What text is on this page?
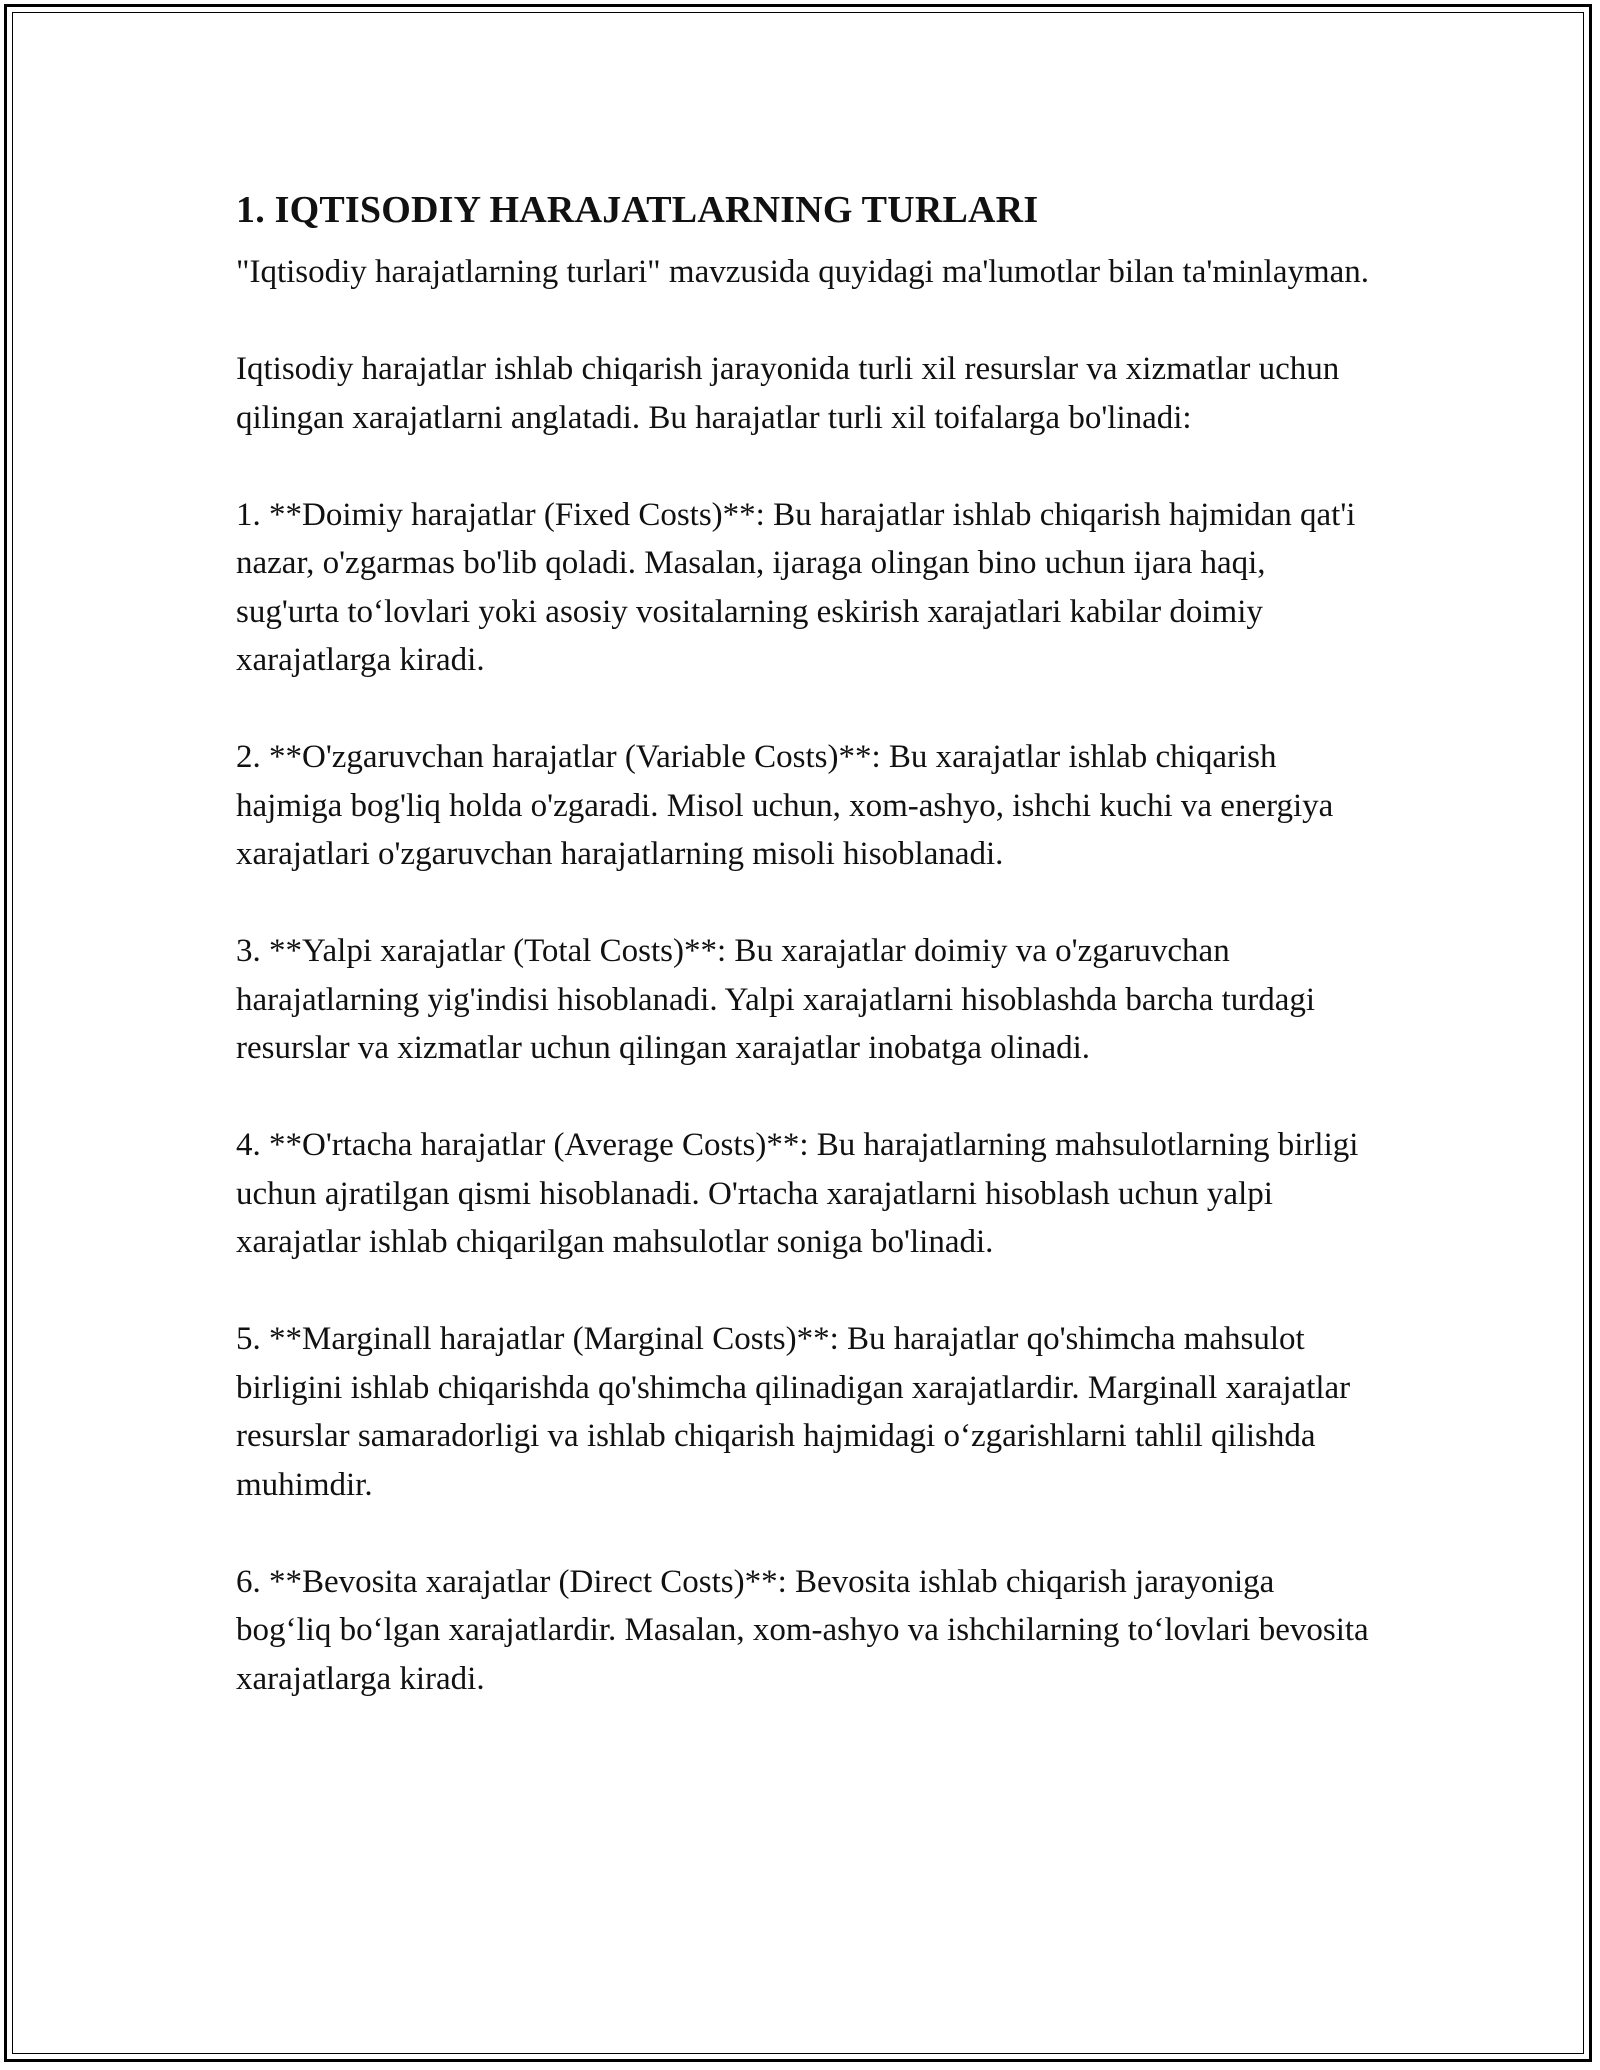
1. IQTISODIY HARAJATLARNING TURLARI

"Iqtisodiy harajatlarning turlari" mavzusida quyidagi ma'lumotlar bilan ta'minlayman.

Iqtisodiy harajatlar ishlab chiqarish jarayonida turli xil resurslar va xizmatlar uchun qilingan xarajatlarni anglatadi. Bu harajatlar turli xil toifalarga bo'linadi:

1. **Doimiy harajatlar (Fixed Costs)**: Bu harajatlar ishlab chiqarish hajmidan qat'i nazar, o'zgarmas bo'lib qoladi. Masalan, ijaraga olingan bino uchun ijara haqi, sug'urta to‘lovlari yoki asosiy vositalarning eskirish xarajatlari kabilar doimiy xarajatlarga kiradi.

2. **O'zgaruvchan harajatlar (Variable Costs)**: Bu xarajatlar ishlab chiqarish hajmiga bog'liq holda o'zgaradi. Misol uchun, xom-ashyo, ishchi kuchi va energiya xarajatlari o'zgaruvchan harajatlarning misoli hisoblanadi.

3. **Yalpi xarajatlar (Total Costs)**: Bu xarajatlar doimiy va o'zgaruvchan harajatlarning yig'indisi hisoblanadi. Yalpi xarajatlarni hisoblashda barcha turdagi resurslar va xizmatlar uchun qilingan xarajatlar inobatga olinadi.

4. **O'rtacha harajatlar (Average Costs)**: Bu harajatlarning mahsulotlarning birligi uchun ajratilgan qismi hisoblanadi. O'rtacha xarajatlarni hisoblash uchun yalpi xarajatlar ishlab chiqarilgan mahsulotlar soniga bo'linadi.

5. **Marginall harajatlar (Marginal Costs)**: Bu harajatlar qo'shimcha mahsulot birligini ishlab chiqarishda qo'shimcha qilinadigan xarajatlardir. Marginall xarajatlar resurslar samaradorligi va ishlab chiqarish hajmidagi o‘zgarishlarni tahlil qilishda muhimdir.

6. **Bevosita xarajatlar (Direct Costs)**: Bevosita ishlab chiqarish jarayoniga bog‘liq bo‘lgan xarajatlardir. Masalan, xom-ashyo va ishchilarning to‘lovlari bevosita xarajatlarga kiradi.
